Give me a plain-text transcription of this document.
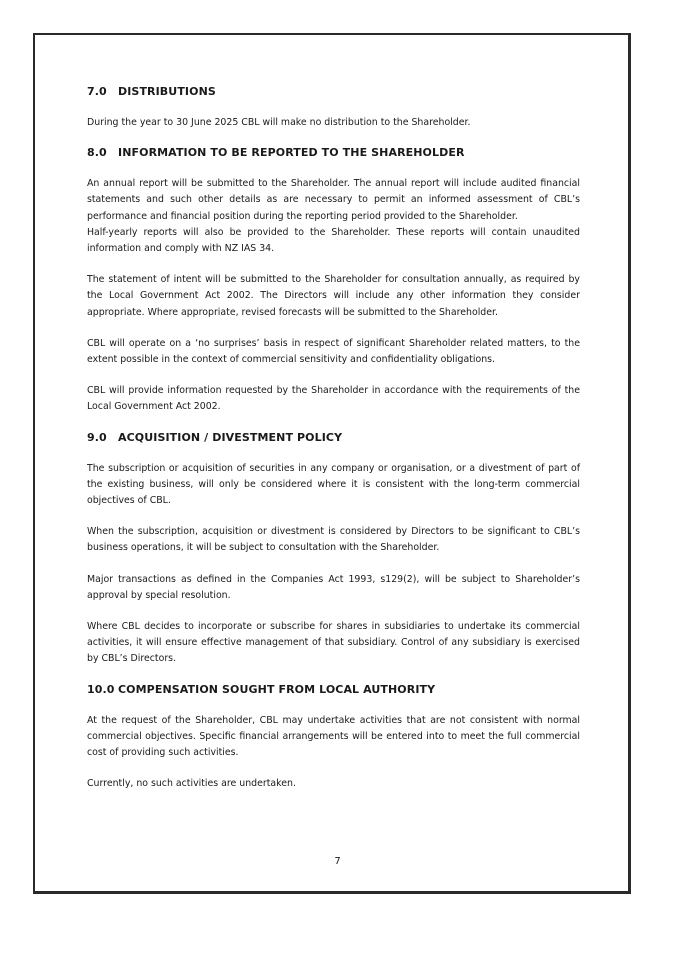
7.0 DISTRIBUTIONS

During the year to 30 June 2025 CBL will make no distribution to the Shareholder.

8.0 INFORMATION TO BE REPORTED TO THE SHAREHOLDER

An annual report will be submitted to the Shareholder. The annual report will include audited financial statements and such other details as are necessary to permit an informed assessment of CBL’s performance and financial position during the reporting period provided to the Shareholder.

Half-yearly reports will also be provided to the Shareholder. These reports will contain unaudited information and comply with NZ IAS 34.

The statement of intent will be submitted to the Shareholder for consultation annually, as required by the Local Government Act 2002. The Directors will include any other information they consider appropriate. Where appropriate, revised forecasts will be submitted to the Shareholder.

CBL will operate on a ‘no surprises’ basis in respect of significant Shareholder related matters, to the extent possible in the context of commercial sensitivity and confidentiality obligations.

CBL will provide information requested by the Shareholder in accordance with the requirements of the Local Government Act 2002.

9.0 ACQUISITION / DIVESTMENT POLICY

The subscription or acquisition of securities in any company or organisation, or a divestment of part of the existing business, will only be considered where it is consistent with the long-term commercial objectives of CBL.

When the subscription, acquisition or divestment is considered by Directors to be significant to CBL’s business operations, it will be subject to consultation with the Shareholder.

Major transactions as defined in the Companies Act 1993, s129(2), will be subject to Shareholder’s approval by special resolution.

Where CBL decides to incorporate or subscribe for shares in subsidiaries to undertake its commercial activities, it will ensure effective management of that subsidiary. Control of any subsidiary is exercised by CBL’s Directors.

10.0 COMPENSATION SOUGHT FROM LOCAL AUTHORITY

At the request of the Shareholder, CBL may undertake activities that are not consistent with normal commercial objectives. Specific financial arrangements will be entered into to meet the full commercial cost of providing such activities.

Currently, no such activities are undertaken.

7
